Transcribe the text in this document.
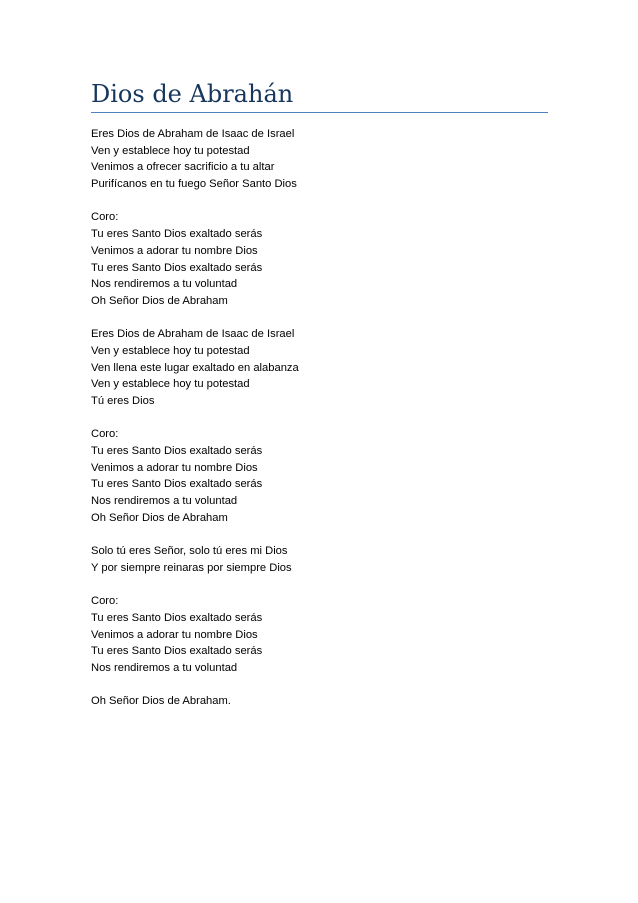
Dios de Abrahán
Eres Dios de Abraham de Isaac de Israel
Ven y establece hoy tu potestad
Venimos a ofrecer sacrificio a tu altar
Purifícanos en tu fuego Señor Santo Dios
Coro:
Tu eres Santo Dios exaltado serás
Venimos a adorar tu nombre Dios
Tu eres Santo Dios exaltado serás
Nos rendiremos a tu voluntad
Oh Señor Dios de Abraham
Eres Dios de Abraham de Isaac de Israel
Ven y establece hoy tu potestad
Ven llena este lugar exaltado en alabanza
Ven y establece hoy tu potestad
Tú eres Dios
Coro:
Tu eres Santo Dios exaltado serás
Venimos a adorar tu nombre Dios
Tu eres Santo Dios exaltado serás
Nos rendiremos a tu voluntad
Oh Señor Dios de Abraham
Solo tú eres Señor, solo tú eres mi Dios
Y por siempre reinaras por siempre Dios
Coro:
Tu eres Santo Dios exaltado serás
Venimos a adorar tu nombre Dios
Tu eres Santo Dios exaltado serás
Nos rendiremos a tu voluntad
Oh Señor Dios de Abraham.
